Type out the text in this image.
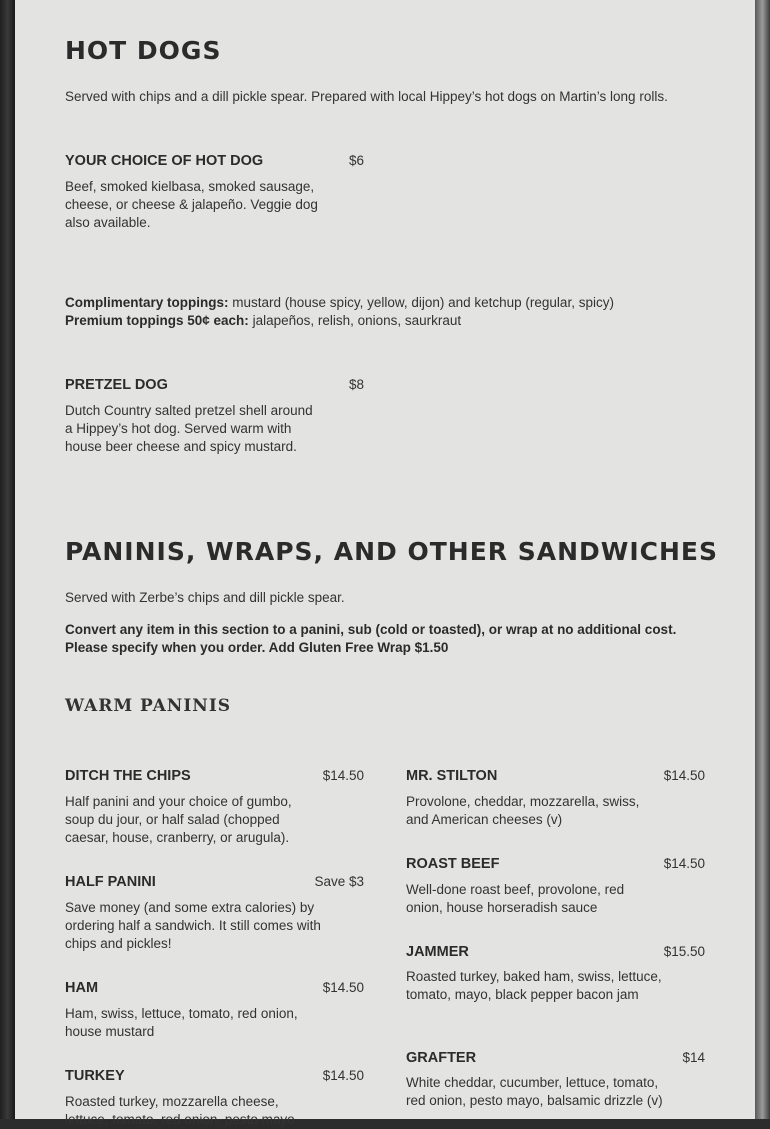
HOT DOGS
Served with chips and a dill pickle spear. Prepared with local Hippey’s hot dogs on Martin’s long rolls.
YOUR CHOICE OF HOT DOG	$6
Beef, smoked kielbasa, smoked sausage, cheese, or cheese & jalapeño. Veggie dog also available.
Complimentary toppings: mustard (house spicy, yellow, dijon) and ketchup (regular, spicy)
Premium toppings 50¢ each: jalapeños, relish, onions, saurkraut
PRETZEL DOG	$8
Dutch Country salted pretzel shell around a Hippey’s hot dog. Served warm with house beer cheese and spicy mustard.
PANINIS, WRAPS, AND OTHER SANDWICHES
Served with Zerbe’s chips and dill pickle spear.
Convert any item in this section to a panini, sub (cold or toasted), or wrap at no additional cost. Please specify when you order. Add Gluten Free Wrap $1.50
WARM PANINIS
DITCH THE CHIPS	$14.50
Half panini and your choice of gumbo, soup du jour, or half salad (chopped caesar, house, cranberry, or arugula).
HALF PANINI	Save $3
Save money (and some extra calories) by ordering half a sandwich. It still comes with chips and pickles!
HAM	$14.50
Ham, swiss, lettuce, tomato, red onion, house mustard
TURKEY	$14.50
Roasted turkey, mozzarella cheese, lettuce, tomato, red onion, pesto mayo
MR. STILTON	$14.50
Provolone, cheddar, mozzarella, swiss, and American cheeses (v)
ROAST BEEF	$14.50
Well-done roast beef, provolone, red onion, house horseradish sauce
JAMMER	$15.50
Roasted turkey, baked ham, swiss, lettuce, tomato, mayo, black pepper bacon jam
GRAFTER	$14
White cheddar, cucumber, lettuce, tomato, red onion, pesto mayo, balsamic drizzle (v)
